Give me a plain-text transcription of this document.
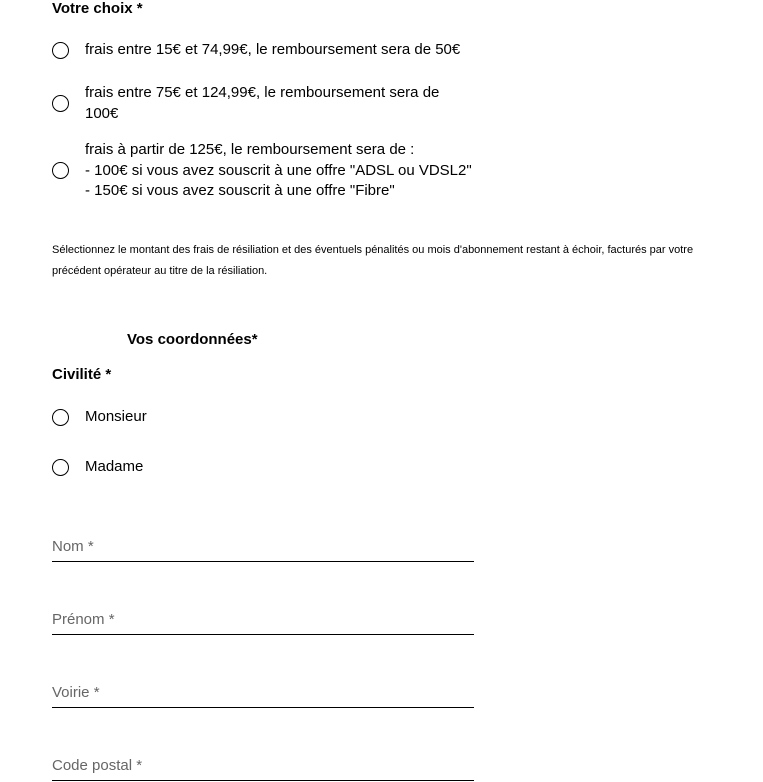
Votre choix *
frais entre 15€ et 74,99€, le remboursement sera de 50€
frais entre 75€ et 124,99€, le remboursement sera de
100€
frais à partir de 125€, le remboursement sera de :
- 100€ si vous avez souscrit à une offre "ADSL ou VDSL2"
- 150€ si vous avez souscrit à une offre "Fibre"
Sélectionnez le montant des frais de résiliation et des éventuels pénalités ou mois d'abonnement restant à échoir, facturés par votre précédent opérateur au titre de la résiliation.
Vos coordonnées*
Civilité *
Monsieur
Madame
Nom *
Prénom *
Voirie *
Code postal *
